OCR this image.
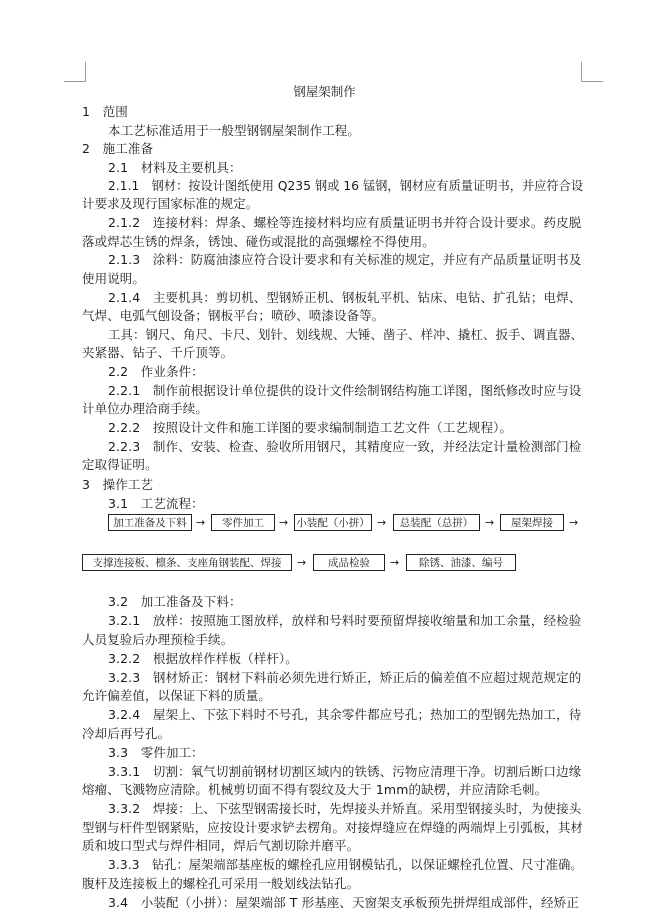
钢屋架制作
1　范围
本工艺标准适用于一般型钢钢屋架制作工程。
2　施工准备
2.1　材料及主要机具：
2.1.1　钢材：按设计图纸使用 Q235 钢或 16 锰钢，钢材应有质量证明书，并应符合设
计要求及现行国家标准的规定。
2.1.2　连接材料：焊条、螺栓等连接材料均应有质量证明书并符合设计要求。药皮脱
落或焊芯生锈的焊条，锈蚀、碰伤或混批的高强螺栓不得使用。
2.1.3　涂料：防腐油漆应符合设计要求和有关标准的规定，并应有产品质量证明书及
使用说明。
2.1.4　主要机具：剪切机、型钢矫正机、钢板轧平机、钻床、电钻、扩孔钻；电焊、
气焊、电弧气刨设备；钢板平台；喷砂、喷漆设备等。
工具：钢尺、角尺、卡尺、划针、划线规、大锤、凿子、样冲、撬杠、扳手、调直器、
夹紧器、钻子、千斤顶等。
2.2　作业条件：
2.2.1　制作前根据设计单位提供的设计文件绘制钢结构施工详图，图纸修改时应与设
计单位办理洽商手续。
2.2.2　按照设计文件和施工详图的要求编制制造工艺文件（工艺规程）。
2.2.3　制作、安装、检查、验收所用钢尺，其精度应一致，并经法定计量检测部门检
定取得证明。
3　操作工艺
3.1　工艺流程：
加工准备及下料 →	零件加工	→ 小装配（小拼） →	总装配（总拼）	→	屋架焊接	→
支撑连接板、檩条、支座角钢装配、焊接	→	成品检验	→	除锈、油漆、编号
3.2　加工准备及下料：
3.2.1　放样：按照施工图放样，放样和号料时要预留焊接收缩量和加工余量，经检验
人员复验后办理预检手续。
3.2.2　根据放样作样板（样杆）。
3.2.3　钢材矫正：钢材下料前必须先进行矫正，矫正后的偏差值不应超过规范规定的
允许偏差值，以保证下料的质量。
3.2.4　屋架上、下弦下料时不号孔，其余零件都应号孔；热加工的型钢先热加工，待
冷却后再号孔。
3.3　零件加工：
3.3.1　切割：氧气切割前钢材切割区域内的铁锈、污物应清理干净。切割后断口边缘
熔瘤、飞溅物应清除。机械剪切面不得有裂纹及大于 1mm的缺楞，并应清除毛刺。
3.3.2　焊接：上、下弦型钢需接长时，先焊接头并矫直。采用型钢接头时，为使接头
型钢与杆件型钢紧贴，应按设计要求铲去楞角。对接焊缝应在焊缝的两端焊上引弧板，其材
质和坡口型式与焊件相同，焊后气割切除并磨平。
3.3.3　钻孔：屋架端部基座板的螺栓孔应用钢模钻孔，以保证螺栓孔位置、尺寸准确。
腹杆及连接板上的螺栓孔可采用一般划线法钻孔。
3.4　小装配（小拼）：屋架端部 T 形基座、天窗架支承板预先拼焊组成部件，经矫正
